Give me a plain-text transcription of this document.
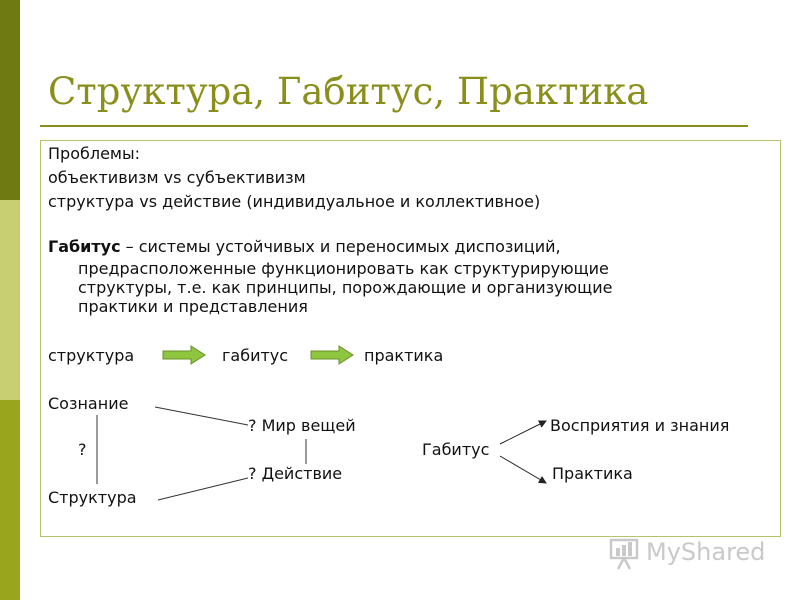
Структура, Габитус, Практика
Проблемы:
объективизм vs субъективизм
структура vs действие (индивидуальное и коллективное)
Габитус – системы устойчивых и переносимых диспозиций,
предрасположенные функционировать как структурирующие
структуры, т.е. как принципы, порождающие и организующие
практики и представления
структура	габитус	практика
Сознание
? Мир вещей	Восприятия и знания
?	Габитус
? Действие	Практика
Структура
MyShared
